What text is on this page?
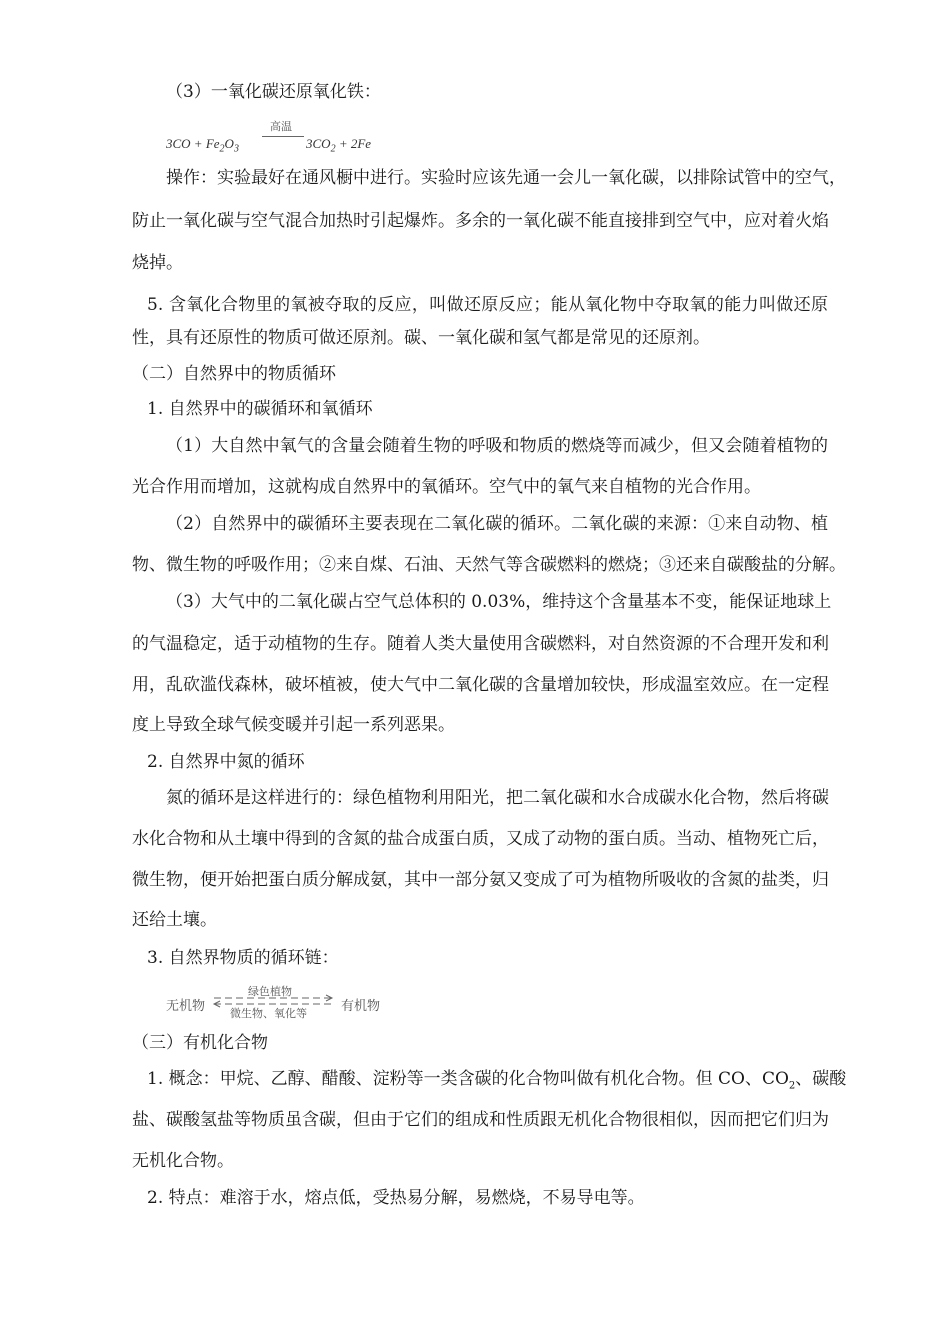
（3）一氧化碳还原氧化铁：
$3CO + Fe_2O_3$
高温
$3CO_2 + 2Fe$
操作：实验最好在通风橱中进行。实验时应该先通一会儿一氧化碳，以排除试管中的空气，
防止一氧化碳与空气混合加热时引起爆炸。多余的一氧化碳不能直接排到空气中，应对着火焰
烧掉。
5. 含氧化合物里的氧被夺取的反应，叫做还原反应；能从氧化物中夺取氧的能力叫做还原
性，具有还原性的物质可做还原剂。碳、一氧化碳和氢气都是常见的还原剂。
（二）自然界中的物质循环
1. 自然界中的碳循环和氧循环
（1）大自然中氧气的含量会随着生物的呼吸和物质的燃烧等而减少，但又会随着植物的
光合作用而增加，这就构成自然界中的氧循环。空气中的氧气来自植物的光合作用。
（2）自然界中的碳循环主要表现在二氧化碳的循环。二氧化碳的来源：①来自动物、植
物、微生物的呼吸作用；②来自煤、石油、天然气等含碳燃料的燃烧；③还来自碳酸盐的分解。
（3）大气中的二氧化碳占空气总体积的 0.03%，维持这个含量基本不变，能保证地球上
的气温稳定，适于动植物的生存。随着人类大量使用含碳燃料，对自然资源的不合理开发和利
用，乱砍滥伐森林，破坏植被，使大气中二氧化碳的含量增加较快，形成温室效应。在一定程
度上导致全球气候变暖并引起一系列恶果。
2. 自然界中氮的循环
氮的循环是这样进行的：绿色植物利用阳光，把二氧化碳和水合成碳水化合物，然后将碳
水化合物和从土壤中得到的含氮的盐合成蛋白质，又成了动物的蛋白质。当动、植物死亡后，
微生物，便开始把蛋白质分解成氨，其中一部分氨又变成了可为植物所吸收的含氮的盐类，归
还给土壤。
3. 自然界物质的循环链：
无机物
绿色植物
微生物、氧化等	有机物
（三）有机化合物
1. 概念：甲烷、乙醇、醋酸、淀粉等一类含碳的化合物叫做有机化合物。但 CO、$CO_2$、碳酸
盐、碳酸氢盐等物质虽含碳，但由于它们的组成和性质跟无机化合物很相似，因而把它们归为
无机化合物。
2. 特点：难溶于水，熔点低，受热易分解，易燃烧，不易导电等。
